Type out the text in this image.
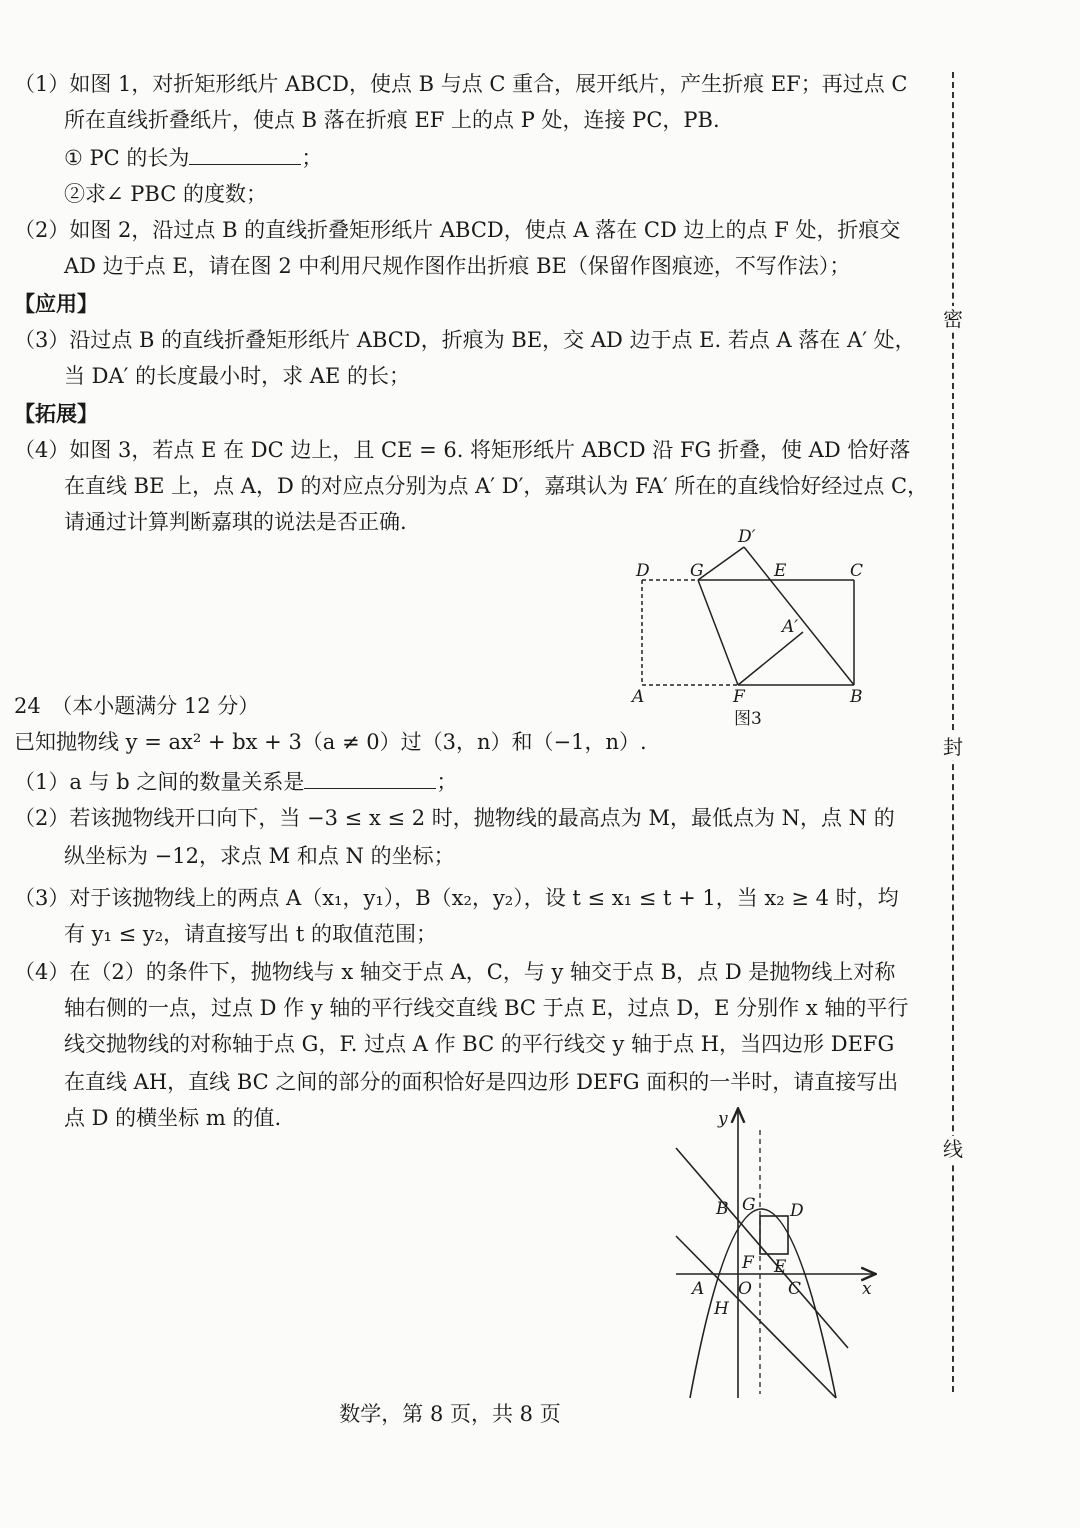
（1）如图 1，对折矩形纸片 ABCD，使点 B 与点 C 重合，展开纸片，产生折痕 EF；再过点 C
所在直线折叠纸片，使点 B 落在折痕 EF 上的点 P 处，连接 PC，PB.
① PC 的长为	；
②求∠ PBC 的度数；
（2）如图 2，沿过点 B 的直线折叠矩形纸片 ABCD，使点 A 落在 CD 边上的点 F 处，折痕交
AD 边于点 E，请在图 2 中利用尺规作图作出折痕 BE（保留作图痕迹，不写作法）；
【应用】
（3）沿过点 B 的直线折叠矩形纸片 ABCD，折痕为 BE，交 AD 边于点 E. 若点 A 落在 A′ 处，
当 DA′ 的长度最小时，求 AE 的长；
【拓展】
（4）如图 3，若点 E 在 DC 边上，且 CE = 6. 将矩形纸片 ABCD 沿 FG 折叠，使 AD 恰好落
在直线 BE 上，点 A，D 的对应点分别为点 A′ D′，嘉琪认为 FA′ 所在的直线恰好经过点 C，
请通过计算判断嘉琪的说法是否正确.
D G	E	C
D′
A′
A	F	B
图3
24　（本小题满分 12 分）
已知抛物线 y = ax² + bx + 3（a ≠ 0）过（3，n）和（−1，n）.
（1）a 与 b 之间的数量关系是	；
（2）若该抛物线开口向下，当 −3 ≤ x ≤ 2 时，抛物线的最高点为 M，最低点为 N，点 N 的
纵坐标为 −12，求点 M 和点 N 的坐标；
（3）对于该抛物线上的两点 A（x₁，y₁），B（x₂，y₂），设 t ≤ x₁ ≤ t + 1，当 x₂ ≥ 4 时，均
有 y₁ ≤ y₂，请直接写出 t 的取值范围；
（4）在（2）的条件下，抛物线与 x 轴交于点 A，C，与 y 轴交于点 B，点 D 是抛物线上对称
轴右侧的一点，过点 D 作 y 轴的平行线交直线 BC 于点 E，过点 D，E 分别作 x 轴的平行
线交抛物线的对称轴于点 G，F. 过点 A 作 BC 的平行线交 y 轴于点 H，当四边形 DEFG
在直线 AH，直线 BC 之间的部分的面积恰好是四边形 DEFG 面积的一半时，请直接写出
点 D 的横坐标 m 的值.	y
x
B G D
F E
A O C
H
密
封
线
数学，第 8 页，共 8 页
